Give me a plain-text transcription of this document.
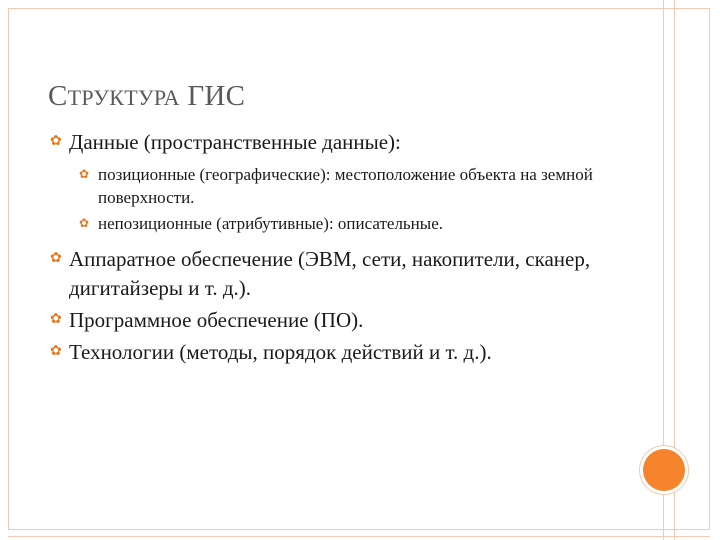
СТРУКТУРА ГИС
✿ Данные (пространственные данные):
✿ позиционные (географические): местоположение объекта на земной поверхности.
✿ непозиционные (атрибутивные): описательные.
✿ Аппаратное обеспечение (ЭВМ, сети, накопители, сканер, дигитайзеры и т. д.).
✿ Программное обеспечение (ПО).
✿ Технологии (методы, порядок действий и т. д.).
